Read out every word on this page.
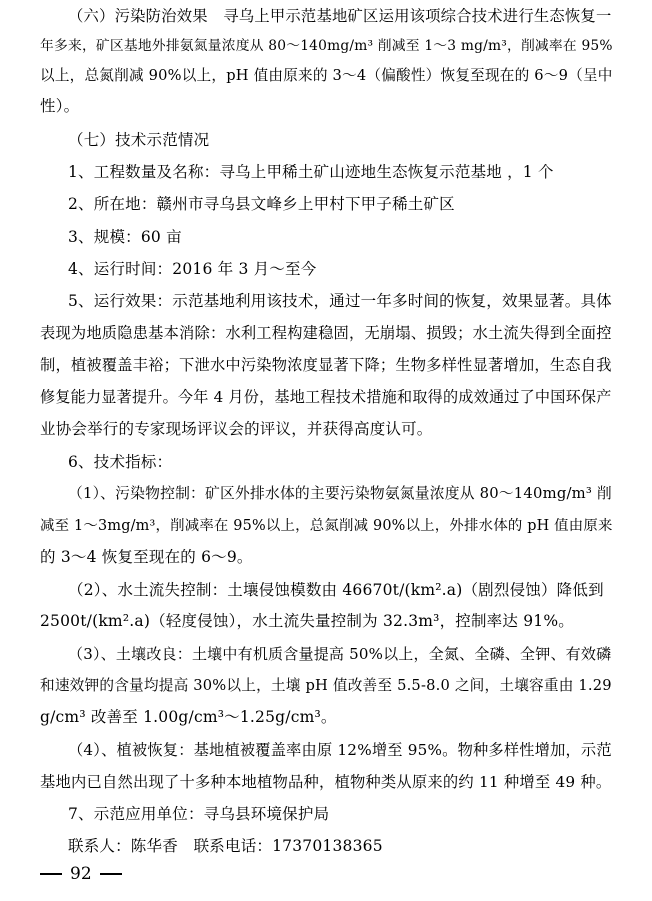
（六）污染防治效果　寻乌上甲示范基地矿区运用该项综合技术进行生态恢复一
年多来，矿区基地外排氨氮量浓度从 80～140mg/m³ 削减至 1～3 mg/m³，削减率在 95%
以上，总氮削减 90%以上，pH 值由原来的 3～4（偏酸性）恢复至现在的 6～9（呈中
性）。
（七）技术示范情况
1、工程数量及名称：寻乌上甲稀土矿山迹地生态恢复示范基地 ，1 个
2、所在地：赣州市寻乌县文峰乡上甲村下甲子稀土矿区
3、规模：60 亩
4、运行时间：2016 年 3 月～至今
5、运行效果：示范基地利用该技术，通过一年多时间的恢复，效果显著。具体
表现为地质隐患基本消除：水利工程构建稳固，无崩塌、损毁；水土流失得到全面控
制，植被覆盖丰裕；下泄水中污染物浓度显著下降；生物多样性显著增加，生态自我
修复能力显著提升。今年 4 月份，基地工程技术措施和取得的成效通过了中国环保产
业协会举行的专家现场评议会的评议，并获得高度认可。
6、技术指标：
（1）、污染物控制：矿区外排水体的主要污染物氨氮量浓度从 80～140mg/m³ 削
减至 1～3mg/m³，削减率在 95%以上，总氮削减 90%以上，外排水体的 pH 值由原来
的 3～4 恢复至现在的 6～9。
（2）、水土流失控制：土壤侵蚀模数由 46670t/(km².a)（剧烈侵蚀）降低到
2500t/(km².a)（轻度侵蚀），水土流失量控制为 32.3m³，控制率达 91%。
（3）、土壤改良：土壤中有机质含量提高 50%以上，全氮、全磷、全钾、有效磷
和速效钾的含量均提高 30%以上，土壤 pH 值改善至 5.5-8.0 之间，土壤容重由 1.29
g/cm³ 改善至 1.00g/cm³～1.25g/cm³。
（4）、植被恢复：基地植被覆盖率由原 12%增至 95%。物种多样性增加，示范
基地内已自然出现了十多种本地植物品种，植物种类从原来的约 11 种增至 49 种。
7、示范应用单位：寻乌县环境保护局
联系人：陈华香　联系电话：17370138365
92
